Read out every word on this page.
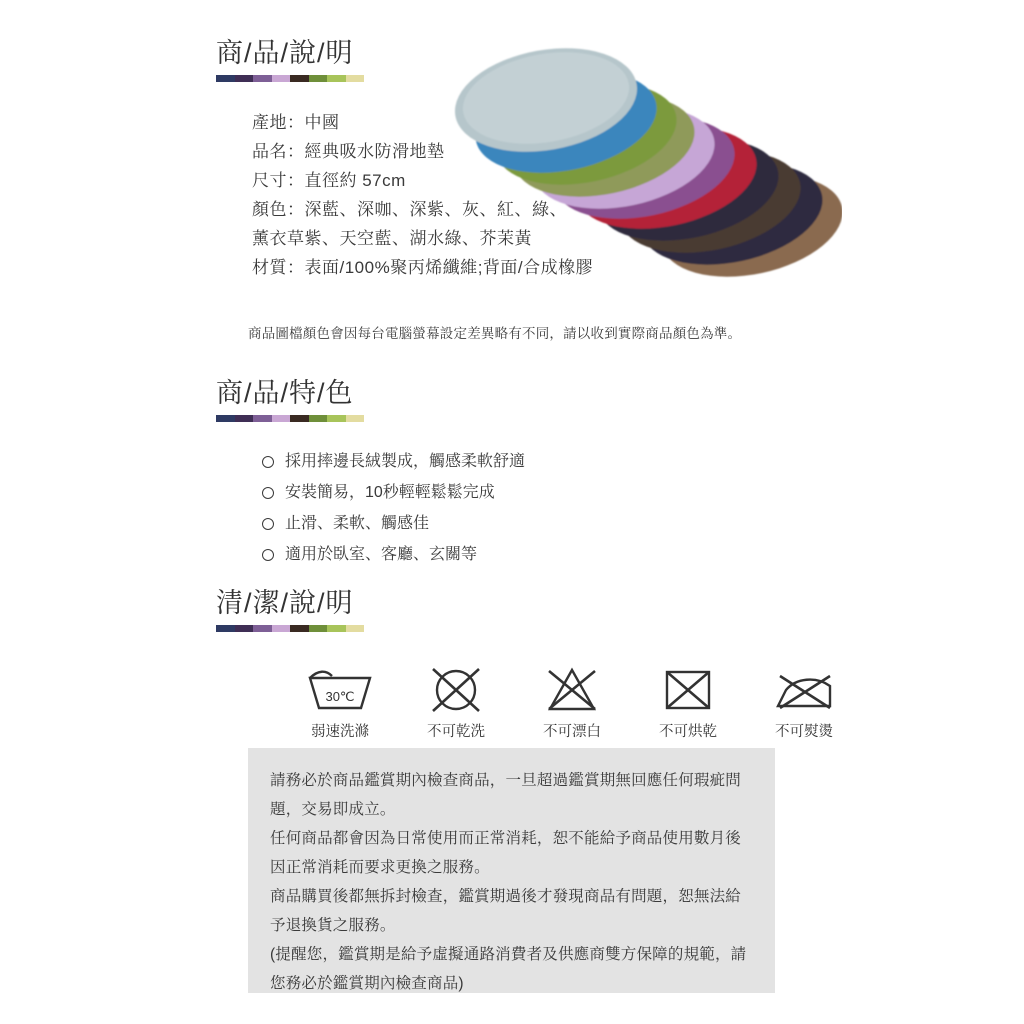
商/品/說/明
產地：中國
品名：經典吸水防滑地墊
尺寸：直徑約 57cm
顏色：深藍、深咖、深紫、灰、紅、綠、
薰衣草紫、天空藍、湖水綠、芥茉黃
材質：表面/100%聚丙烯纖維;背面/合成橡膠
商品圖檔顏色會因每台電腦螢幕設定差異略有不同，請以收到實際商品顏色為準。
商/品/特/色
採用摔邊長絨製成，觸感柔軟舒適
安裝簡易，10秒輕輕鬆鬆完成
止滑、柔軟、觸感佳
適用於臥室、客廳、玄關等
清/潔/說/明
30℃
弱速洗滌	不可乾洗	不可漂白	不可烘乾	不可熨燙

請務必於商品鑑賞期內檢查商品，一旦超過鑑賞期無回應任何瑕疵問題，交易即成立。

任何商品都會因為日常使用而正常消耗，恕不能給予商品使用數月後因正常消耗而要求更換之服務。

商品購買後都無拆封檢查，鑑賞期過後才發現商品有問題，恕無法給予退換貨之服務。

(提醒您，鑑賞期是給予虛擬通路消費者及供應商雙方保障的規範，請您務必於鑑賞期內檢查商品)
